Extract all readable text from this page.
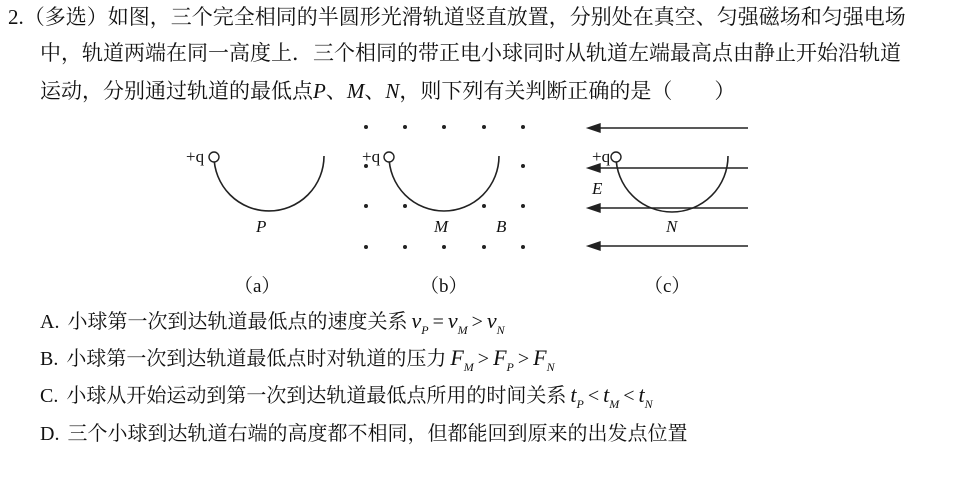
2.（多选）如图，三个完全相同的半圆形光滑轨道竖直放置，分别处在真空、匀强磁场和匀强电场
中，轨道两端在同一高度上．三个相同的带正电小球同时从轨道左端最高点由静止开始沿轨道
运动，分别通过轨道的最低点P、M、N，则下列有关判断正确的是（　　）
+q
P
（a）
+q
M	B
（b）
+q
E
N
（c）
A. 小球第一次到达轨道最低点的速度关系 $v_P = v_M > v_N$
B. 小球第一次到达轨道最低点时对轨道的压力 $F_M > F_P > F_N$
C. 小球从开始运动到第一次到达轨道最低点所用的时间关系 $t_P < t_M < t_N$
D. 三个小球到达轨道右端的高度都不相同，但都能回到原来的出发点位置
